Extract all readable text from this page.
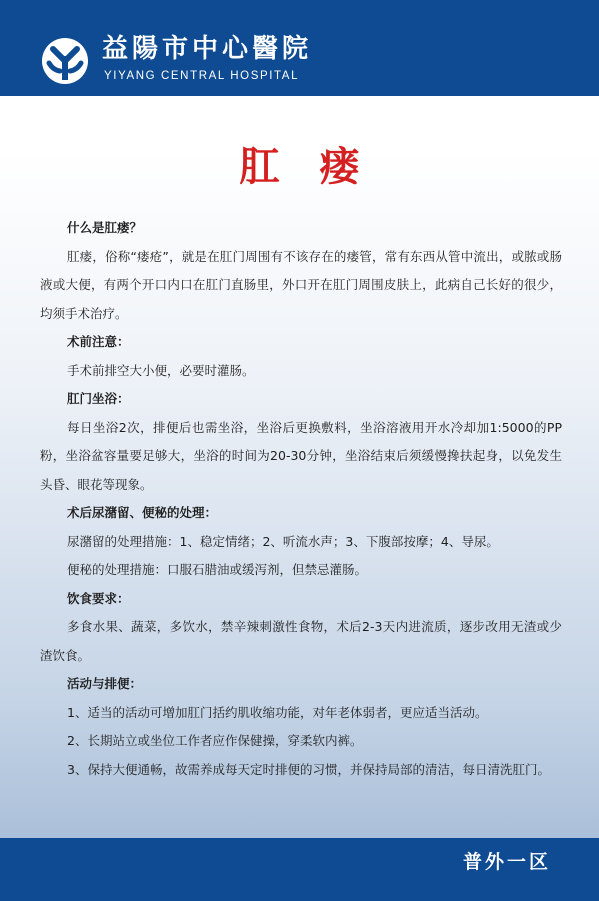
益陽市中心醫院
YIYANG CENTRAL HOSPITAL
肛 瘘
什么是肛瘘？
肛瘘，俗称“瘘疮”，就是在肛门周围有不该存在的瘘管，常有东西从管中流出，或脓或肠液或大便，有两个开口内口在肛门直肠里，外口开在肛门周围皮肤上，此病自己长好的很少，均须手术治疗。
术前注意：
手术前排空大小便，必要时灌肠。
肛门坐浴：
每日坐浴2次，排便后也需坐浴，坐浴后更换敷料，坐浴溶液用开水冷却加1:5000的PP粉，坐浴盆容量要足够大，坐浴的时间为20-30分钟，坐浴结束后须缓慢搀扶起身，以免发生头昏、眼花等现象。
术后尿潴留、便秘的处理：
尿潴留的处理措施：1、稳定情绪；2、听流水声；3、下腹部按摩；4、导尿。
便秘的处理措施：口服石腊油或缓泻剂，但禁忌灌肠。
饮食要求：
多食水果、蔬菜，多饮水，禁辛辣刺激性食物，术后2-3天内进流质，逐步改用无渣或少渣饮食。
活动与排便：
1、适当的活动可增加肛门括约肌收缩功能，对年老体弱者，更应适当活动。
2、长期站立或坐位工作者应作保健操，穿柔软内裤。
3、保持大便通畅，故需养成每天定时排便的习惯，并保持局部的清洁，每日清洗肛门。
普外一区
